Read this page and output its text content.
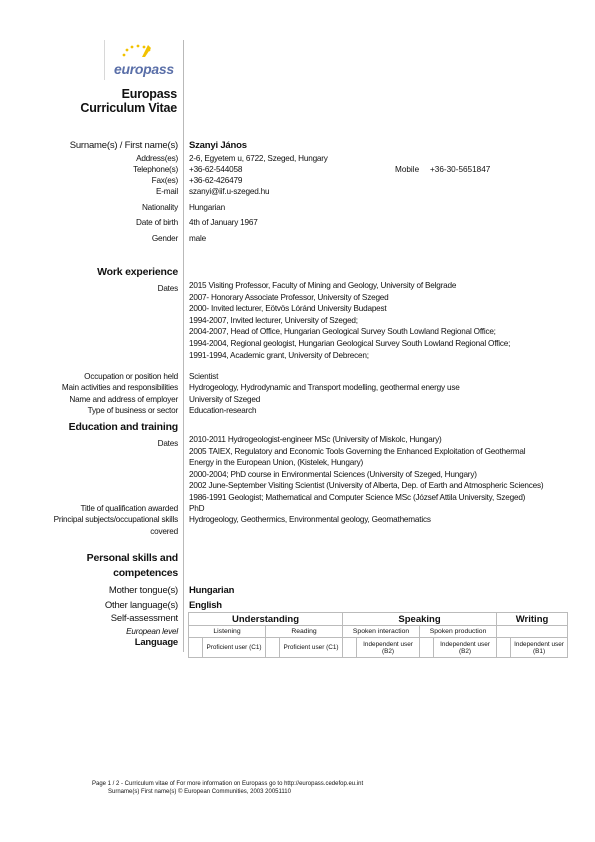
europass
Europass
Curriculum Vitae
Surname(s) / First name(s) Szanyi János
Address(es) 2-6, Egyetem u, 6722, Szeged, Hungary
Telephone(s) +36-62-544058	Mobile +36-30-5651847
Fax(es) +36-62-426479
E-mail szanyi@iif.u-szeged.hu
Nationality Hungarian
Date of birth 4th of January 1967
Gender male
Work experience
Dates 2015 Visiting Professor, Faculty of Mining and Geology, University of Belgrade
2007- Honorary Associate Professor, University of Szeged
2000- Invited lecturer, Eötvös Lóránd University Budapest
1994-2007, Invited lecturer, University of Szeged;
2004-2007, Head of Office, Hungarian Geological Survey South Lowland Regional Office;
1994-2004, Regional geologist, Hungarian Geological Survey South Lowland Regional Office;
1991-1994, Academic grant, University of Debrecen;
Occupation or position held Scientist
Main activities and responsibilities Hydrogeology, Hydrodynamic and Transport modelling, geothermal energy use
Name and address of employer University of Szeged
Type of business or sector Education-research
Education and training
Dates 2010-2011 Hydrogeologist-engineer MSc (University of Miskolc, Hungary)
2005 TAIEX, Regulatory and Economic Tools Governing the Enhanced Exploitation of Geothermal
Energy in the European Union, (Kistelek, Hungary)
2000-2004; PhD course in Environmental Sciences (University of Szeged, Hungary)
2002 June-September Visiting Scientist (University of Alberta, Dep. of Earth and Atmospheric Sciences)
1986-1991 Geologist; Mathematical and Computer Science MSc (József Attila University, Szeged)
Title of qualification awarded PhD
Principal subjects/occupational skills
covered
Hydrogeology, Geothermics, Environmental geology, Geomathematics
Personal skills and
competences
Mother tongue(s) Hungarian
Other language(s) English
Self-assessment
European level
Language
Understanding				Speaking				Writing	
Listening		Reading		Spoken interaction		Spoken production			
	Proficient user (C1)		Proficient user (C1)		Independent user (B2)		Independent user (B2)		Independent user (B1)
Page 1 / 2 - Curriculum vitae of For more information on Europass go to http://europass.cedefop.eu.int
Surname(s) First name(s) © European Communities, 2003 20051110
